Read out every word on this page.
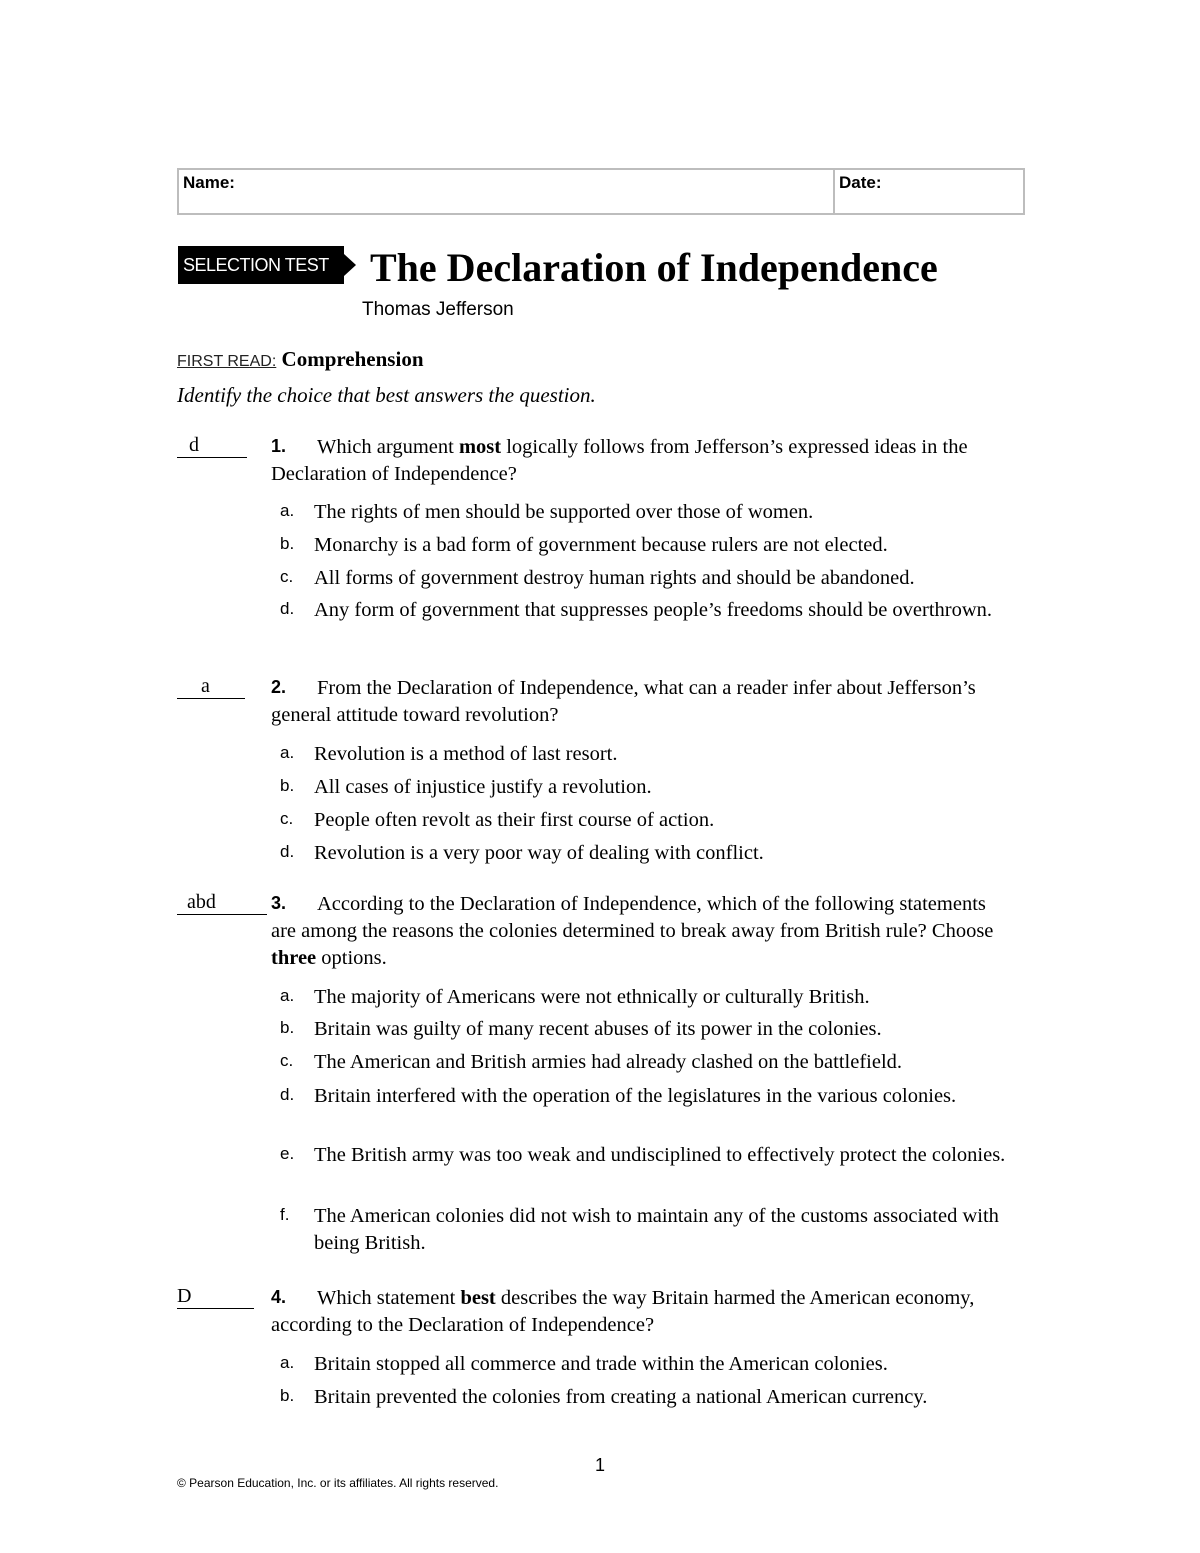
Name:	Date:
SELECTION TEST	The Declaration of Independence
Thomas Jefferson
FIRST READ: Comprehension
Identify the choice that best answers the question.
d	1.	Which argument most logically follows from Jefferson’s expressed ideas in the Declaration of Independence?
a. The rights of men should be supported over those of women.
b. Monarchy is a bad form of government because rulers are not elected.
c. All forms of government destroy human rights and should be abandoned.
d. Any form of government that suppresses people’s freedoms should be overthrown.
a	2.	From the Declaration of Independence, what can a reader infer about Jefferson’s general attitude toward revolution?
a. Revolution is a method of last resort.
b. All cases of injustice justify a revolution.
c. People often revolt as their first course of action.
d. Revolution is a very poor way of dealing with conflict.
abd	3.	According to the Declaration of Independence, which of the following statements are among the reasons the colonies determined to break away from British rule? Choose three options.
a. The majority of Americans were not ethnically or culturally British.
b. Britain was guilty of many recent abuses of its power in the colonies.
c. The American and British armies had already clashed on the battlefield.
d. Britain interfered with the operation of the legislatures in the various colonies.
e. The British army was too weak and undisciplined to effectively protect the colonies.
f. The American colonies did not wish to maintain any of the customs associated with being British.
D	4.	Which statement best describes the way Britain harmed the American economy, according to the Declaration of Independence?
a. Britain stopped all commerce and trade within the American colonies.
b. Britain prevented the colonies from creating a national American currency.
1
© Pearson Education, Inc. or its affiliates. All rights reserved.
